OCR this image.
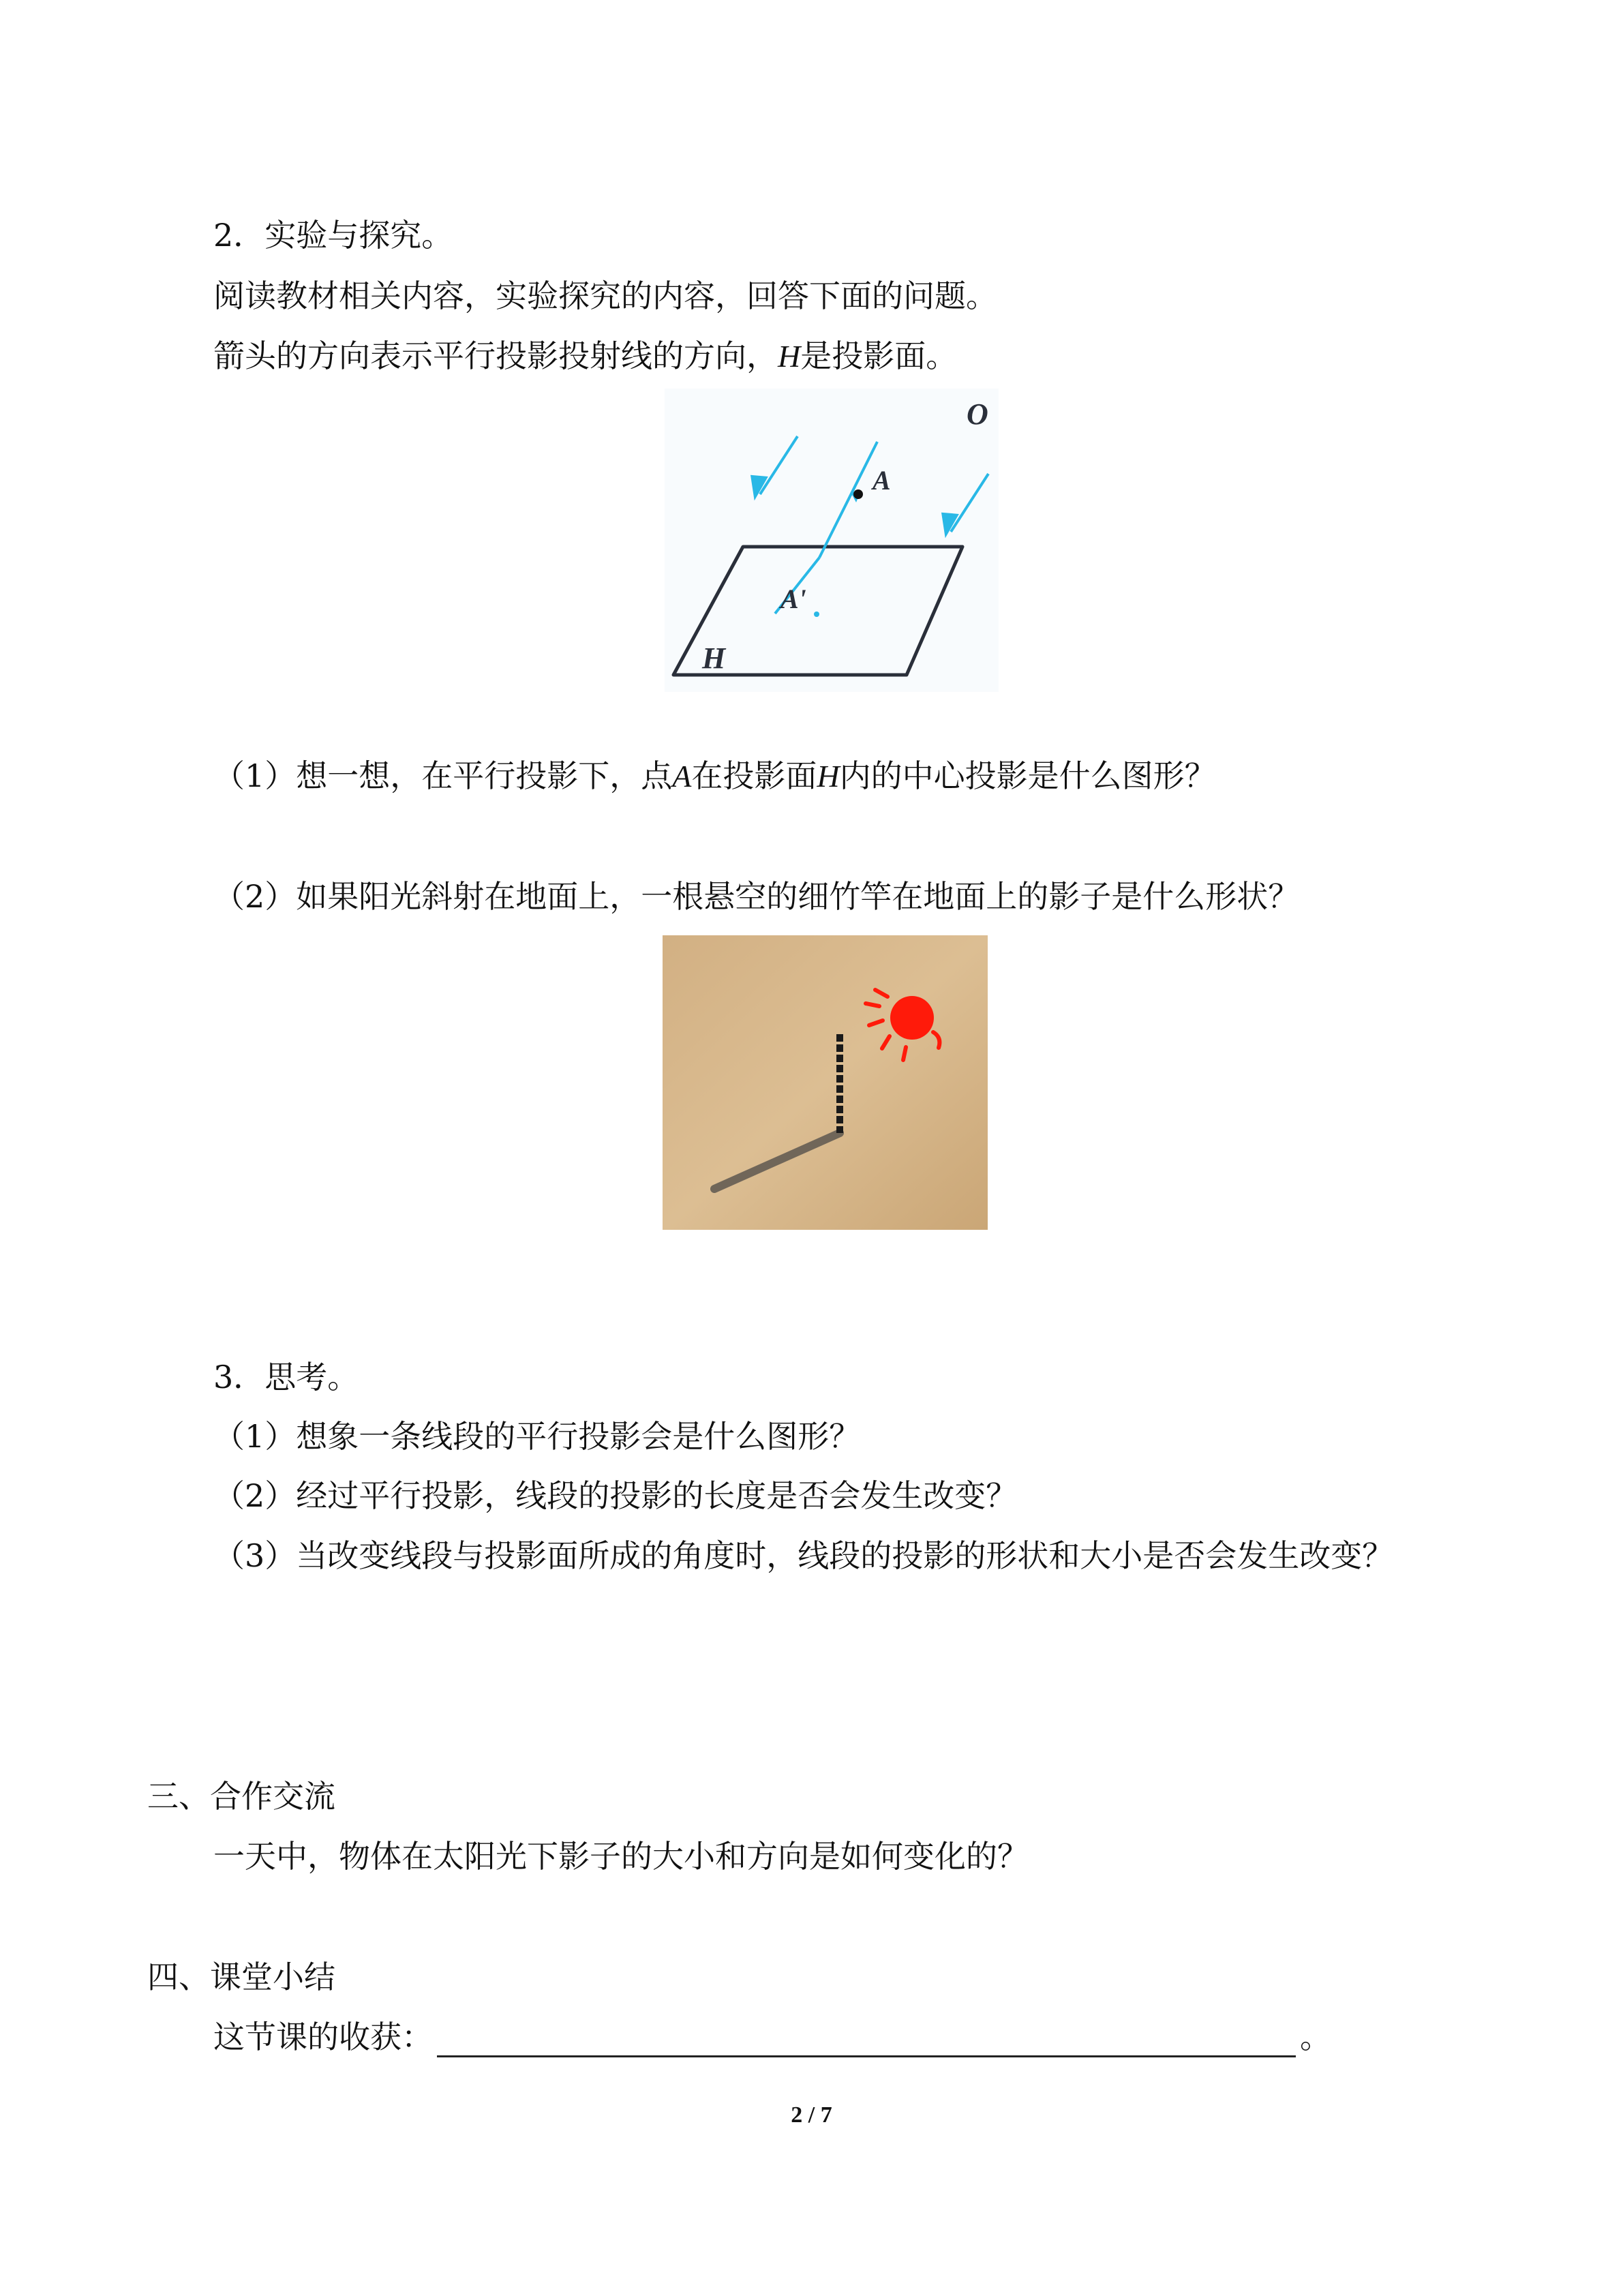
2．实验与探究。
阅读教材相关内容，实验探究的内容，回答下面的问题。
箭头的方向表示平行投影投射线的方向，H是投影面。
O
A
A'
H
（1）想一想，在平行投影下，点A在投影面H内的中心投影是什么图形？
（2）如果阳光斜射在地面上，一根悬空的细竹竿在地面上的影子是什么形状？
3．思考。
（1）想象一条线段的平行投影会是什么图形？
（2）经过平行投影，线段的投影的长度是否会发生改变？
（3）当改变线段与投影面所成的角度时，线段的投影的形状和大小是否会发生改变？
三、合作交流
一天中，物体在太阳光下影子的大小和方向是如何变化的？
四、课堂小结
这节课的收获：	。
2 / 7
